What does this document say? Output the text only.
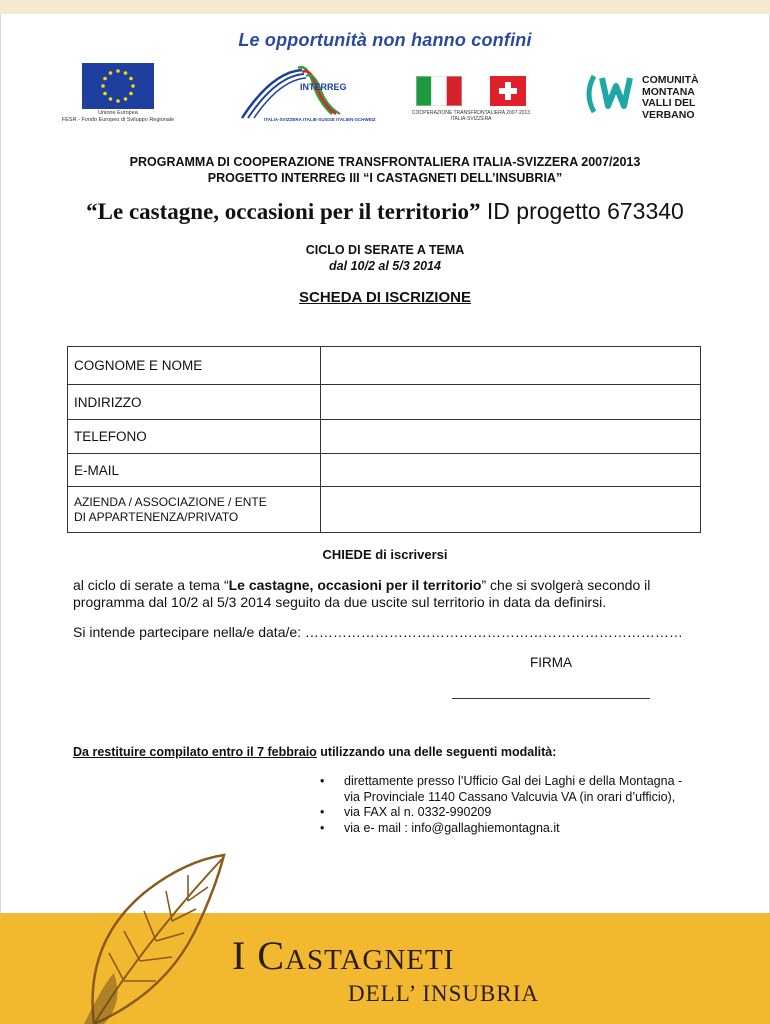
Le opportunità non hanno confini
Unione Europea
FESR - Fondo Europeo di Sviluppo Regionale
INTERREG
ITALIA-SVIZZERA ITALIE-SUISSE ITALIEN-SCHWEIZ
COOPERAZIONE TRANSFRONTALIERA 2007-2013
ITALIA-SVIZZERA
COMUNITÀ
MONTANA
VALLI DEL
VERBANO
PROGRAMMA DI COOPERAZIONE TRANSFRONTALIERA ITALIA-SVIZZERA 2007/2013
PROGETTO INTERREG III “I CASTAGNETI DELL’INSUBRIA”
“Le castagne, occasioni per il territorio” ID progetto 673340
CICLO DI SERATE A TEMA
dal 10/2 al 5/3 2014
SCHEDA DI ISCRIZIONE
COGNOME E NOME	
INDIRIZZO	
TELEFONO	
E-MAIL	

AZIENDA / ASSOCIAZIONE / ENTE
DI APPARTENENZA/PRIVATO	

CHIEDE di iscriversi
al ciclo di serate a tema “Le castagne, occasioni per il territorio” che si svolgerà secondo il programma dal 10/2 al 5/3 2014 seguito da due uscite sul territorio in data da definirsi.
Si intende partecipare nella/e data/e: ………………………………………………………………………
FIRMA
Da restituire compilato entro il 7 febbraio utilizzando una delle seguenti modalità:
• direttamente presso l’Ufficio Gal dei Laghi e della Montagna - via Provinciale 1140 Cassano Valcuvia VA (in orari d’ufficio),
• via FAX al n. 0332-990209
• via e- mail : info@gallaghiemontagna.it
I CASTAGNETI
DELL’ INSUBRIA
